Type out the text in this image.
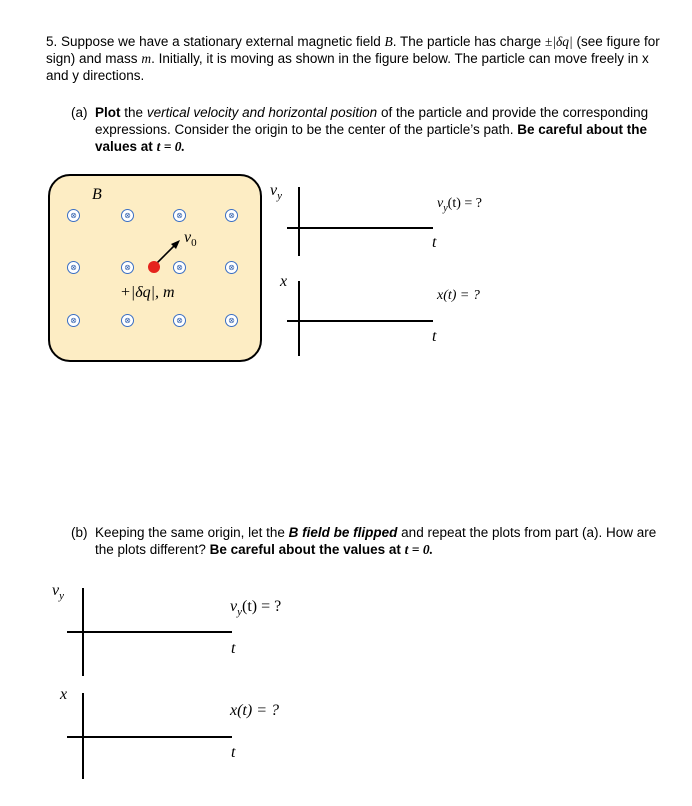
5. Suppose we have a stationary external magnetic field B. The particle has charge ±|δq| (see figure for
sign) and mass m. Initially, it is moving as shown in the figure below. The particle can move freely in x
and y directions.
(a) Plot the vertical velocity and horizontal position of the particle and provide the corresponding
expressions. Consider the origin to be the center of the particle’s path. Be careful about the
values at t = 0.
B
⊗	⊗	⊗	⊗
⊗	⊗	⊗	⊗
⊗	⊗	⊗	⊗
$v_0$
+|δq|, m
$v_y$	$v_y(t)$ = ?
t
x
x(t) = ?
t
(b) Keeping the same origin, let the B field be flipped and repeat the plots from part (a). How are
the plots different? Be careful about the values at t = 0.
$v_y$
$v_y(t)$ = ?
t
x
x(t) = ?
t
